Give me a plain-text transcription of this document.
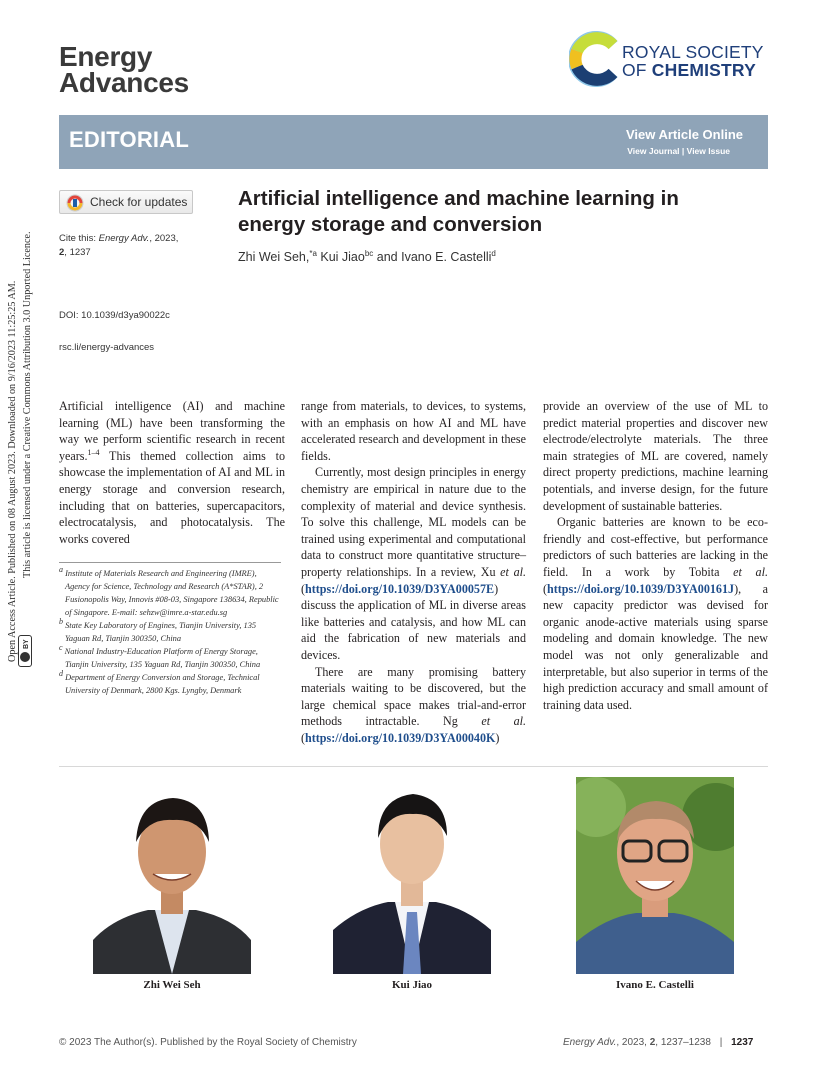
Energy
Advances
ROYAL SOCIETY
OF CHEMISTRY
EDITORIAL	View Article Online
View Journal | View Issue
Open Access Article. Published on 08 August 2023. Downloaded on 9/16/2023 11:25:25 AM. This article is licensed under a Creative Commons Attribution 3.0 Unported Licence.
BY
Check for updates
Cite this: Energy Adv., 2023,
2, 1237
DOI: 10.1039/d3ya90022c
rsc.li/energy-advances
Artificial intelligence and machine learning in energy storage and conversion
Zhi Wei Seh,$^{*a}$ Kui Jiao$^{bc}$ and Ivano E. Castelli$^d$

Artificial intelligence (AI) and machine learning (ML) have been transforming the way we perform scientific research in recent years.$^{1-4}$ This themed collection aims to showcase the implementation of AI and ML in energy storage and conversion research, including that on batteries, supercapacitors, electrocatalysis, and photocatalysis. The works covered

range from materials, to devices, to systems, with an emphasis on how AI and ML have accelerated research and development in these fields.

Currently, most design principles in energy chemistry are empirical in nature due to the complexity of material and device synthesis. To solve this challenge, ML models can be trained using experimental and computational data to construct more quantitative structure–property relationships. In a review, Xu et al. (https://doi.org/10.1039/D3YA00057E) discuss the application of ML in diverse areas like batteries and catalysis, and how ML can aid the fabrication of new materials and devices.

There are many promising battery materials waiting to be discovered, but the large chemical space makes trial-and-error methods intractable. Ng et al. (https://doi.org/10.1039/D3YA00040K)

provide an overview of the use of ML to predict material properties and discover new electrode/electrolyte materials. The three main strategies of ML are covered, namely direct property predictions, machine learning potentials, and inverse design, for the future development of sustainable batteries.

Organic batteries are known to be eco-friendly and cost-effective, but performance predictors of such batteries are lacking in the field. In a work by Tobita et al. (https://doi.org/10.1039/D3YA00161J), a new capacity predictor was devised for organic anode-active materials using sparse modeling and domain knowledge. The new model was not only generalizable and interpretable, but also superior in terms of the high prediction accuracy and small amount of training data used.

$^a$ Institute of Materials Research and Engineering (IMRE), Agency for Science, Technology and Research (A*STAR), 2 Fusionopolis Way, Innovis #08-03, Singapore 138634, Republic of Singapore. E-mail: sehzw@imre.a-star.edu.sg

$^b$ State Key Laboratory of Engines, Tianjin University, 135 Yaguan Rd, Tianjin 300350, China

$^c$ National Industry-Education Platform of Energy Storage, Tianjin University, 135 Yaguan Rd, Tianjin 300350, China

$^d$ Department of Energy Conversion and Storage, Technical University of Denmark, 2800 Kgs. Lyngby, Denmark

Zhi Wei Seh	Kui Jiao	Ivano E. Castelli
© 2023 The Author(s). Published by the Royal Society of Chemistry	Energy Adv., 2023, 2, 1237–1238 | 1237
